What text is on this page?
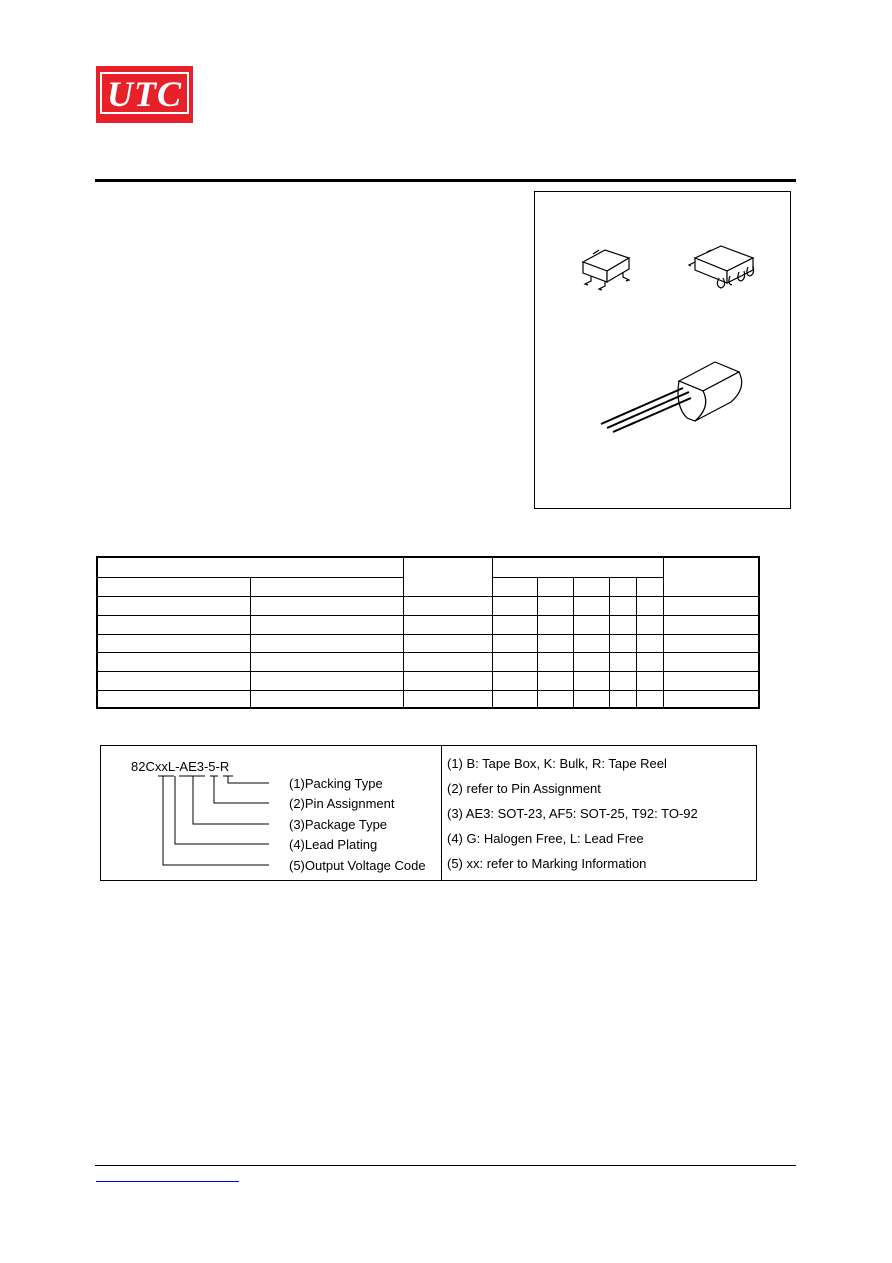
UTC

82CxxL-AE3-5-R
(1)Packing Type
(2)Pin Assignment
(3)Package Type
(4)Lead Plating
(5)Output Voltage Code
(1) B: Tape Box, K: Bulk, R: Tape Reel
(2) refer to Pin Assignment
(3) AE3: SOT-23, AF5: SOT-25, T92: TO-92
(4) G: Halogen Free, L: Lead Free
(5) xx: refer to Marking Information
